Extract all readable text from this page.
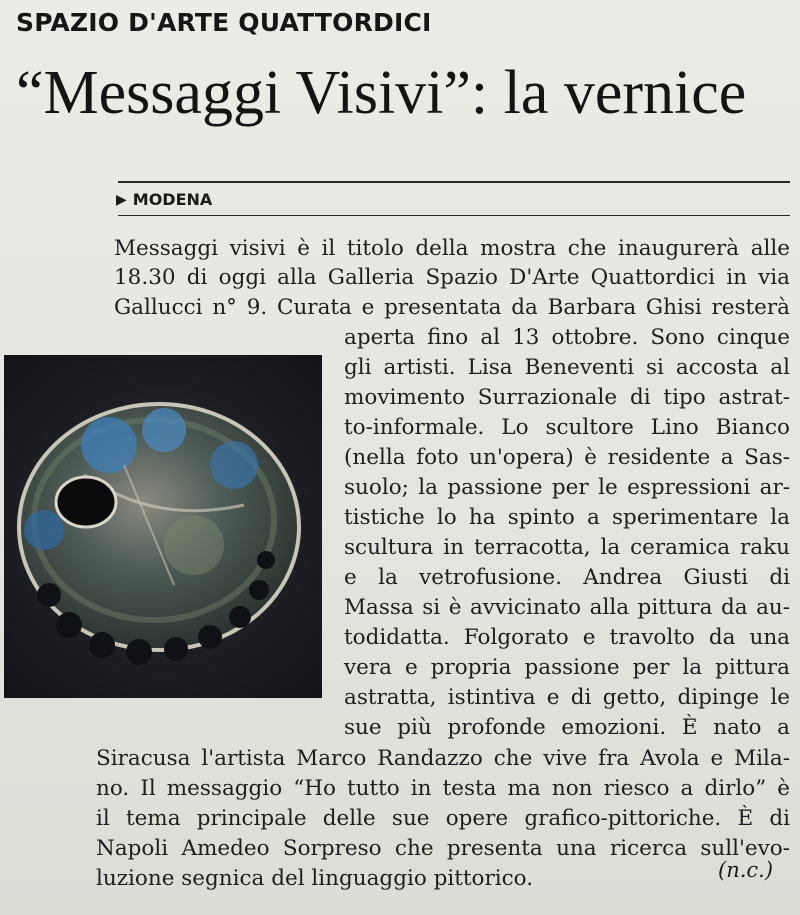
SPAZIO D'ARTE QUATTORDICI
“Messaggi Visivi”: la vernice
▶ MODENA
Messaggi visivi è il titolo della mostra che inaugurerà alle
18.30 di oggi alla Galleria Spazio D'Arte Quattordici in via
Gallucci n° 9. Curata e presentata da Barbara Ghisi resterà
aperta fino al 13 ottobre. Sono cinque
gli artisti. Lisa Beneventi si accosta al
movimento Surrazionale di tipo astrat-
to-informale. Lo scultore Lino Bianco
(nella foto un'opera) è residente a Sas-
suolo; la passione per le espressioni ar-
tistiche lo ha spinto a sperimentare la
scultura in terracotta, la ceramica raku
e la vetrofusione. Andrea Giusti di
Massa si è avvicinato alla pittura da au-
todidatta. Folgorato e travolto da una
vera e propria passione per la pittura
astratta, istintiva e di getto, dipinge le
sue più profonde emozioni. È nato a
Siracusa l'artista Marco Randazzo che vive fra Avola e Mila-
no. Il messaggio “Ho tutto in testa ma non riesco a dirlo” è
il tema principale delle sue opere grafico-pittoriche. È di
Napoli Amedeo Sorpreso che presenta una ricerca sull'evo-
luzione segnica del linguaggio pittorico.	(n.c.)
